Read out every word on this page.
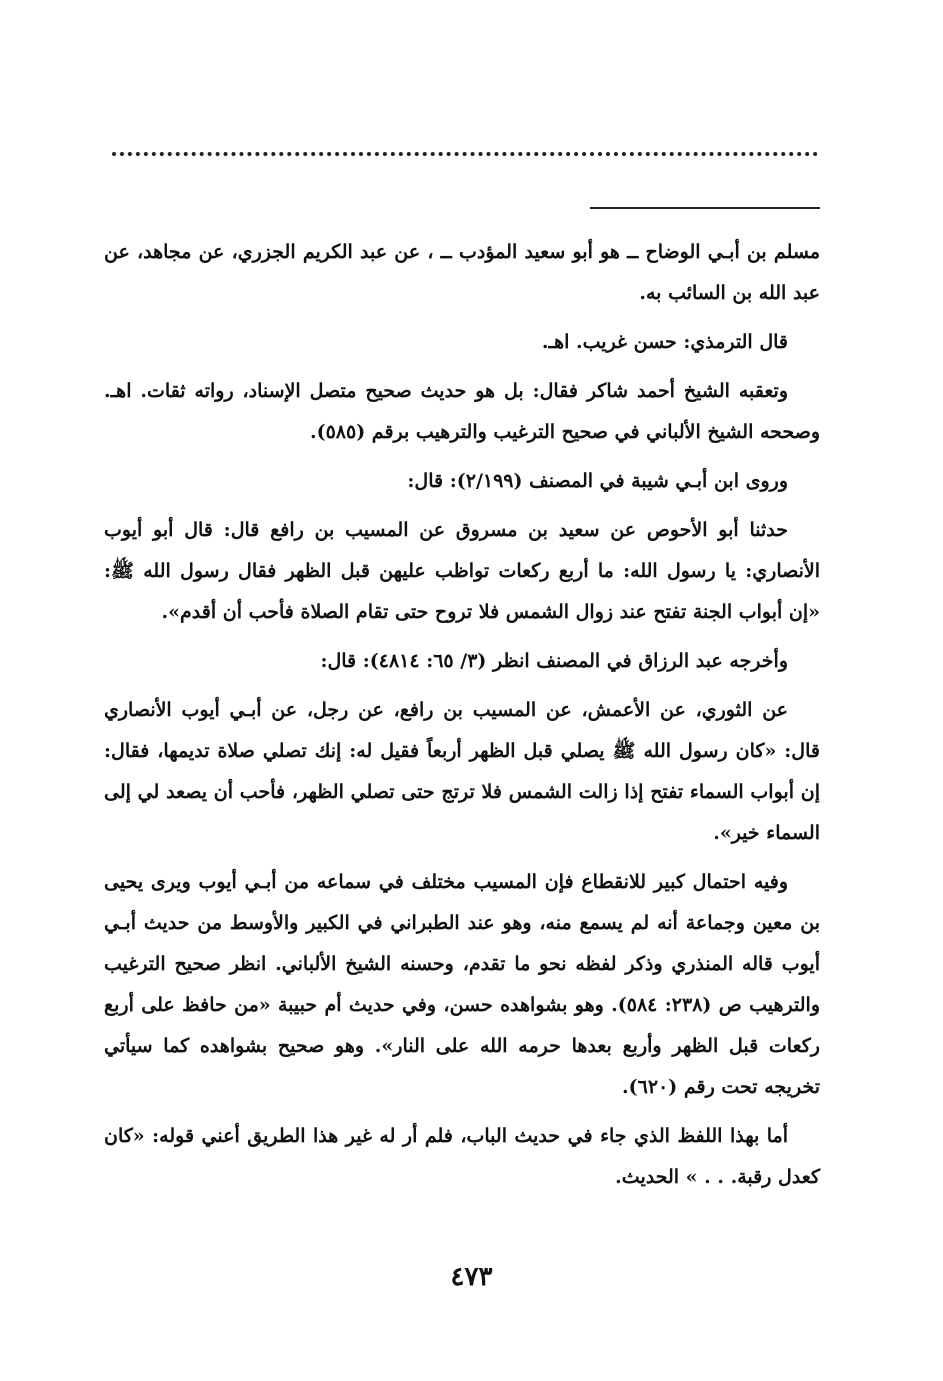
مسلم بن أبـي الوضاح ــ هو أبو سعيد المؤدب ــ ، عن عبد الكريم الجزري، عن مجاهد، عن عبد الله بن السائب به.

قال الترمذي: حسن غريب. اهـ.

وتعقبه الشيخ أحمد شاكر فقال: بل هو حديث صحيح متصل الإسناد، رواته ثقات. اهـ. وصححه الشيخ الألباني في صحيح الترغيب والترهيب برقم (٥٨٥).

وروى ابن أبـي شيبة في المصنف (٢/١٩٩): قال:

حدثنا أبو الأحوص عن سعيد بن مسروق عن المسيب بن رافع قال: قال أبو أيوب الأنصاري: يا رسول الله: ما أربع ركعات تواظب عليهن قبل الظهر فقال رسول الله ﷺ: «إن أبواب الجنة تفتح عند زوال الشمس فلا تروح حتى تقام الصلاة فأحب أن أقدم».

وأخرجه عبد الرزاق في المصنف انظر (٣/ ٦٥: ٤٨١٤): قال:

عن الثوري، عن الأعمش، عن المسيب بن رافع، عن رجل، عن أبـي أيوب الأنصاري قال: «كان رسول الله ﷺ يصلي قبل الظهر أربعاً فقيل له: إنك تصلي صلاة تديمها، فقال: إن أبواب السماء تفتح إذا زالت الشمس فلا ترتج حتى تصلي الظهر، فأحب أن يصعد لي إلى السماء خير».

وفيه احتمال كبير للانقطاع فإن المسيب مختلف في سماعه من أبـي أيوب ويرى يحيى بن معين وجماعة أنه لم يسمع منه، وهو عند الطبراني في الكبير والأوسط من حديث أبـي أيوب قاله المنذري وذكر لفظه نحو ما تقدم، وحسنه الشيخ الألباني. انظر صحيح الترغيب والترهيب ص (٢٣٨: ٥٨٤). وهو بشواهده حسن، وفي حديث أم حبيبة «من حافظ على أربع ركعات قبل الظهر وأربع بعدها حرمه الله على النار». وهو صحيح بشواهده كما سيأتي تخريجه تحت رقم (٦٢٠).

أما بهذا اللفظ الذي جاء في حديث الباب، فلم أر له غير هذا الطريق أعني قوله: «كان كعدل رقبة. . . » الحديث.

٤٧٣
